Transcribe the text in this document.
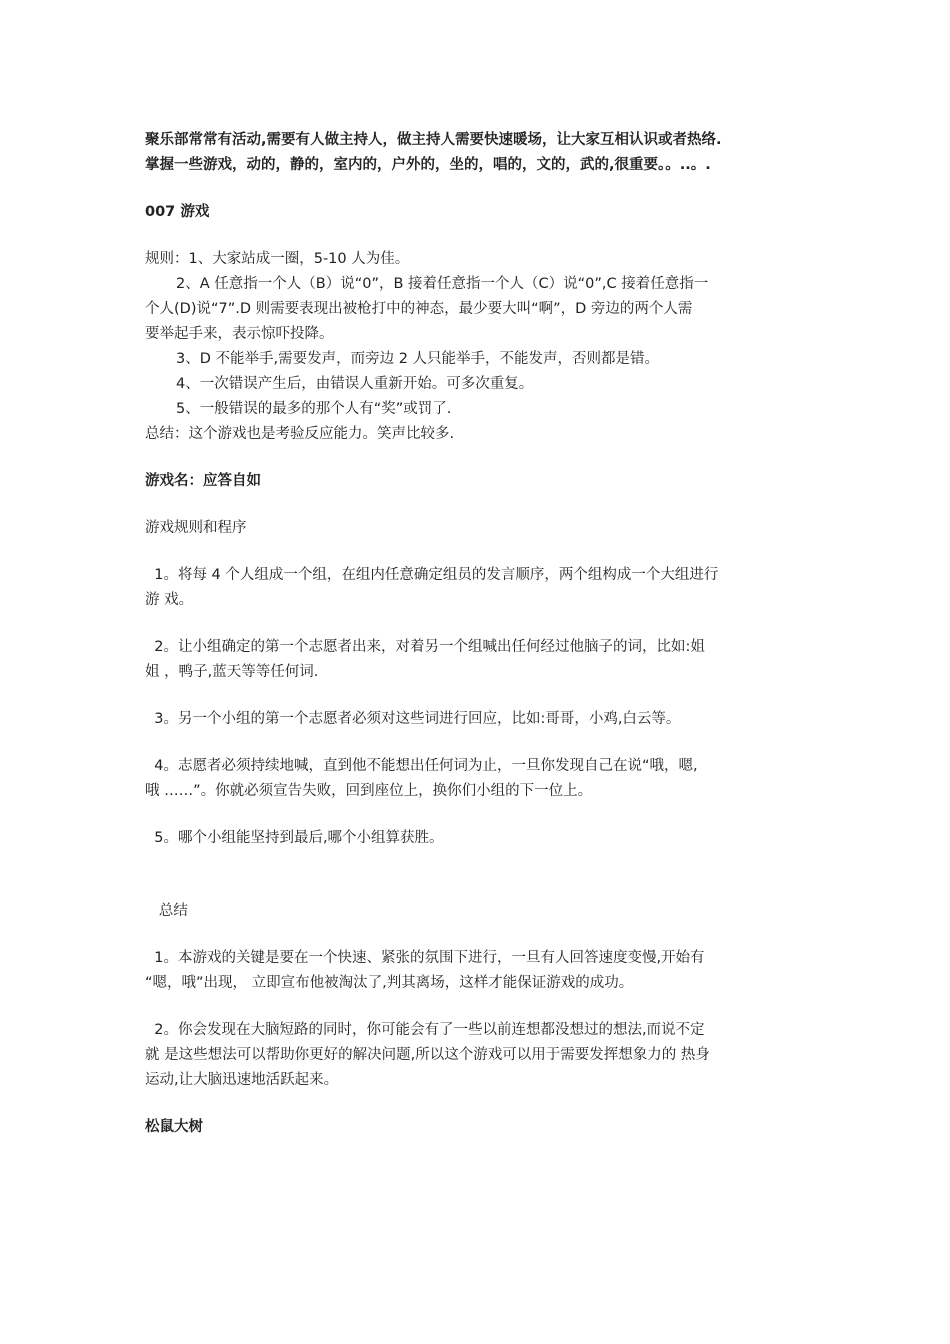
聚乐部常常有活动,需要有人做主持人，做主持人需要快速暖场，让大家互相认识或者热络.

掌握一些游戏，动的，静的，室内的，户外的，坐的，唱的，文的，武的,很重要。。..。.

007 游戏

规则：1、大家站成一圈，5-10 人为佳。

2、A 任意指一个人（B）说“0”，B 接着任意指一个人（C）说“0”,C 接着任意指一

个人(D)说“7”.D 则需要表现出被枪打中的神态，最少要大叫“啊”，D 旁边的两个人需

要举起手来，表示惊吓投降。

3、D 不能举手,需要发声，而旁边 2 人只能举手，不能发声，否则都是错。

4、一次错误产生后，由错误人重新开始。可多次重复。

5、一般错误的最多的那个人有“奖”或罚了.

总结：这个游戏也是考验反应能力。笑声比较多.

游戏名：应答自如

游戏规则和程序

1。将每 4 个人组成一个组，在组内任意确定组员的发言顺序，两个组构成一个大组进行

游 戏。

2。让小组确定的第一个志愿者出来，对着另一个组喊出任何经过他脑子的词，比如:姐

姐 ，鸭子,蓝天等等任何词.

3。另一个小组的第一个志愿者必须对这些词进行回应，比如:哥哥，小鸡,白云等。

4。志愿者必须持续地喊，直到他不能想出任何词为止，一旦你发现自己在说“哦，嗯,

哦 ……”。你就必须宣告失败，回到座位上，换你们小组的下一位上。

5。哪个小组能坚持到最后,哪个小组算获胜。

总结

1。本游戏的关键是要在一个快速、紧张的氛围下进行，一旦有人回答速度变慢,开始有

“嗯，哦”出现， 立即宣布他被淘汰了,判其离场，这样才能保证游戏的成功。

2。你会发现在大脑短路的同时，你可能会有了一些以前连想都没想过的想法,而说不定

就 是这些想法可以帮助你更好的解决问题,所以这个游戏可以用于需要发挥想象力的 热身

运动,让大脑迅速地活跃起来。

松鼠大树
